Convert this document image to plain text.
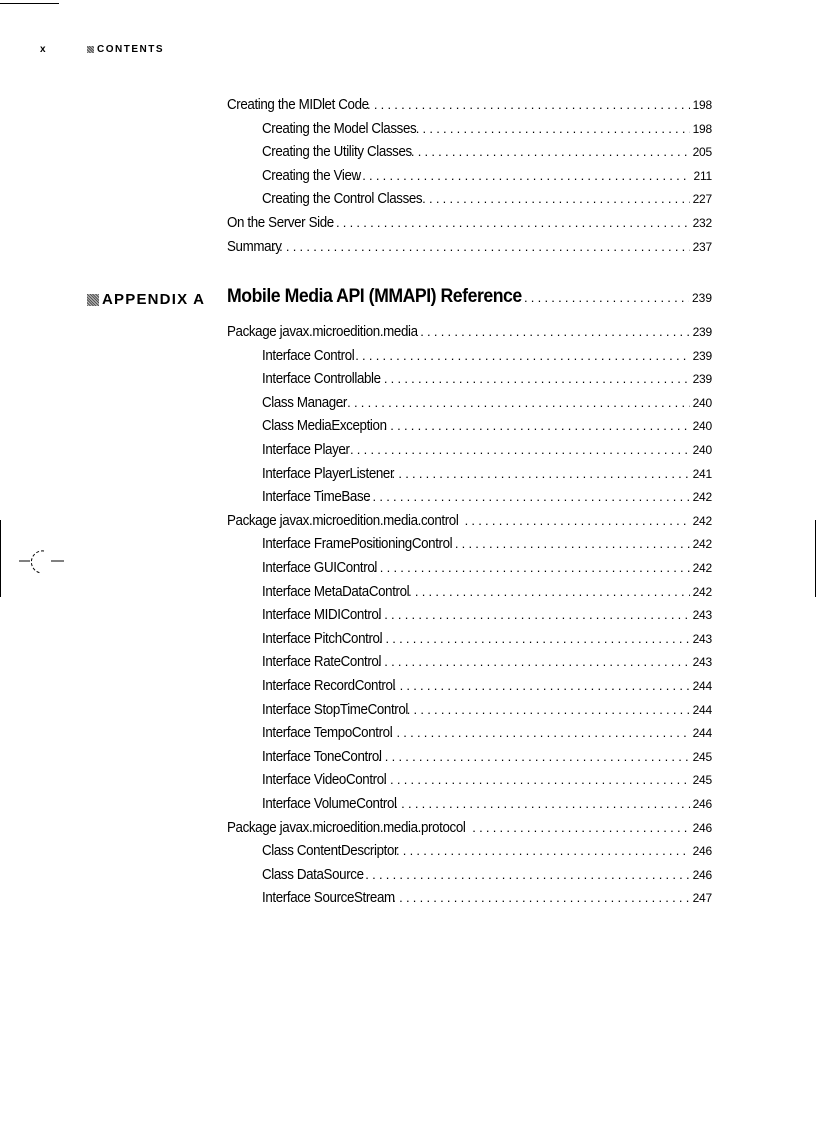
x	CONTENTS
Creating the MIDlet Code . . .	198
Creating the Model Classes . . .	198
Creating the Utility Classes . . .	205
Creating the View . . .	211
Creating the Control Classes . . .	227
On the Server Side . . .	232
Summary . . .	237
Package javax.microedition.media . . .	239
Interface Control . . .	239
Interface Controllable . . .	239
Class Manager . . .	240
Class MediaException . . .	240
Interface Player . . .	240
Interface PlayerListener . . .	241
Interface TimeBase . . .	242
Package javax.microedition.media.control . . .	242
Interface FramePositioningControl . . .	242
Interface GUIControl . . .	242
Interface MetaDataControl . . .	242
Interface MIDIControl . . .	243
Interface PitchControl . . .	243
Interface RateControl . . .	243
Interface RecordControl . . .	244
Interface StopTimeControl . . .	244
Interface TempoControl . . .	244
Interface ToneControl . . .	245
Interface VideoControl . . .	245
Interface VolumeControl . . .	246
Package javax.microedition.media.protocol . . .	246
Class ContentDescriptor . . .	246
Class DataSource . . .	246
Interface SourceStream . . .	247
APPENDIX A Mobile Media API (MMAPI) Reference . . .	239
